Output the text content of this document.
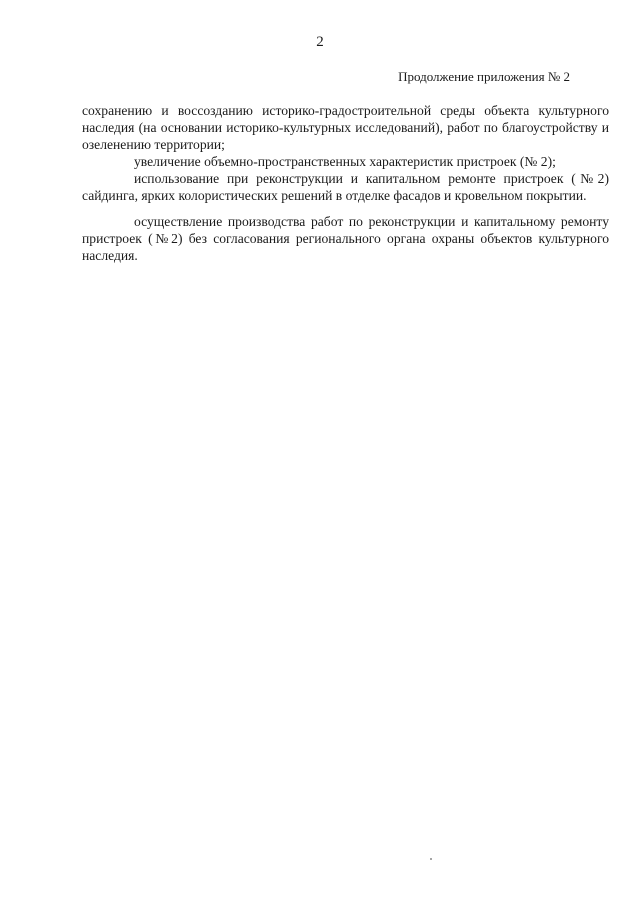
2
Продолжение приложения № 2

сохранению и воссозданию историко-градостроительной среды объекта культурного наследия (на основании историко-культурных исследований), работ по благоустройству и озеленению территории;

увеличение объемно-пространственных характеристик пристроек (№ 2);

использование при реконструкции и капитальном ремонте пристроек (№2) сайдинга, ярких колористических решений в отделке фасадов и кровельном покрытии.

осуществление производства работ по реконструкции и капитальному ремонту пристроек (№2) без согласования регионального органа охраны объектов культурного наследия.
